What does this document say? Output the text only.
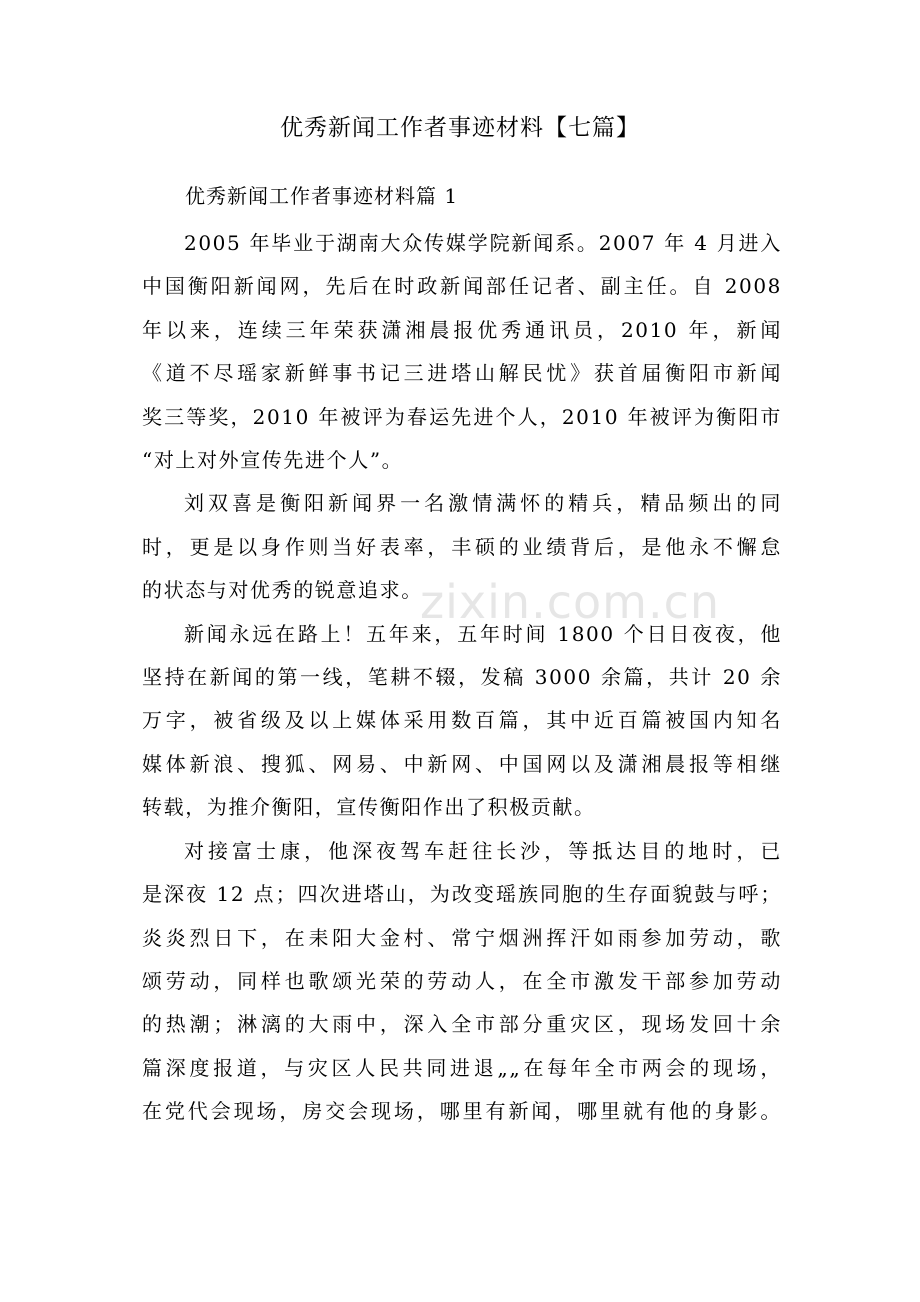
zixin.com.cn
优秀新闻工作者事迹材料【七篇】
优秀新闻工作者事迹材料篇 1

2005 年毕业于湖南大众传媒学院新闻系。2007 年 4 月进入
中国衡阳新闻网，先后在时政新闻部任记者、副主任。自 2008
年以来，连续三年荣获潇湘晨报优秀通讯员，2010 年，新闻
《道不尽瑶家新鲜事书记三进塔山解民忧》获首届衡阳市新闻
奖三等奖，2010 年被评为春运先进个人，2010 年被评为衡阳市
“对上对外宣传先进个人”。

刘双喜是衡阳新闻界一名激情满怀的精兵，精品频出的同
时，更是以身作则当好表率，丰硕的业绩背后，是他永不懈怠
的状态与对优秀的锐意追求。

新闻永远在路上！五年来，五年时间 1800 个日日夜夜，他
坚持在新闻的第一线，笔耕不辍，发稿 3000 余篇，共计 20 余
万字，被省级及以上媒体采用数百篇，其中近百篇被国内知名
媒体新浪、搜狐、网易、中新网、中国网以及潇湘晨报等相继
转载，为推介衡阳，宣传衡阳作出了积极贡献。

对接富士康，他深夜驾车赶往长沙，等抵达目的地时，已
是深夜 12 点；四次进塔山，为改变瑶族同胞的生存面貌鼓与呼；
炎炎烈日下，在耒阳大金村、常宁烟洲挥汗如雨参加劳动，歌
颂劳动，同样也歌颂光荣的劳动人，在全市激发干部参加劳动
的热潮；淋漓的大雨中，深入全市部分重灾区，现场发回十余
篇深度报道，与灾区人民共同进退„„在每年全市两会的现场，
在党代会现场，房交会现场，哪里有新闻，哪里就有他的身影。
